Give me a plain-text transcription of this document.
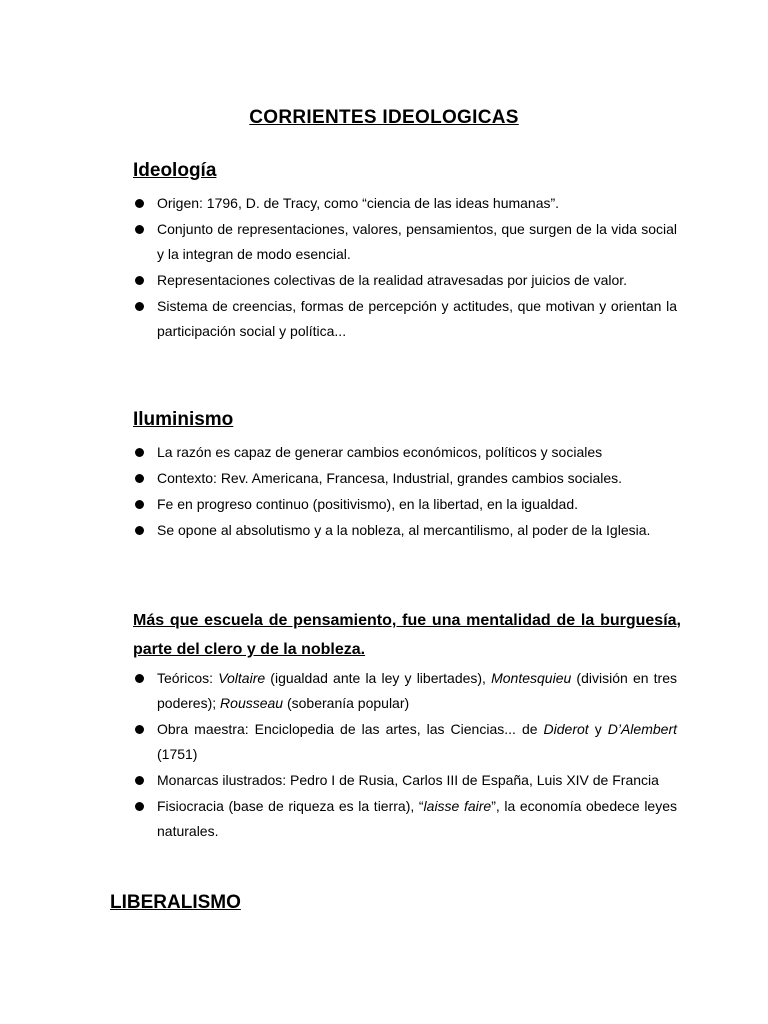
CORRIENTES IDEOLOGICAS
Ideología
Origen: 1796, D. de Tracy, como “ciencia de las ideas humanas”.
Conjunto de representaciones, valores, pensamientos, que surgen de la vida social y la integran de modo esencial.
Representaciones colectivas de la realidad atravesadas por juicios de valor.
Sistema de creencias, formas de percepción y actitudes, que motivan y orientan la participación social y política...
Iluminismo
La razón es capaz de generar cambios económicos, políticos y sociales
Contexto: Rev. Americana, Francesa, Industrial, grandes cambios sociales.
Fe en progreso continuo (positivismo), en la libertad, en la igualdad.
Se opone al absolutismo y a la nobleza, al mercantilismo, al poder de la Iglesia.

Más que escuela de pensamiento, fue una mentalidad de la burguesía, parte del clero y de la nobleza.

Teóricos: Voltaire (igualdad ante la ley y libertades), Montesquieu (división en tres poderes); Rousseau (soberanía popular)
Obra maestra: Enciclopedia de las artes, las Ciencias... de Diderot y D’Alembert (1751)
Monarcas ilustrados: Pedro I de Rusia, Carlos III de España, Luis XIV de Francia
Fisiocracia (base de riqueza es la tierra), “laisse faire”, la economía obedece leyes naturales.
LIBERALISMO
